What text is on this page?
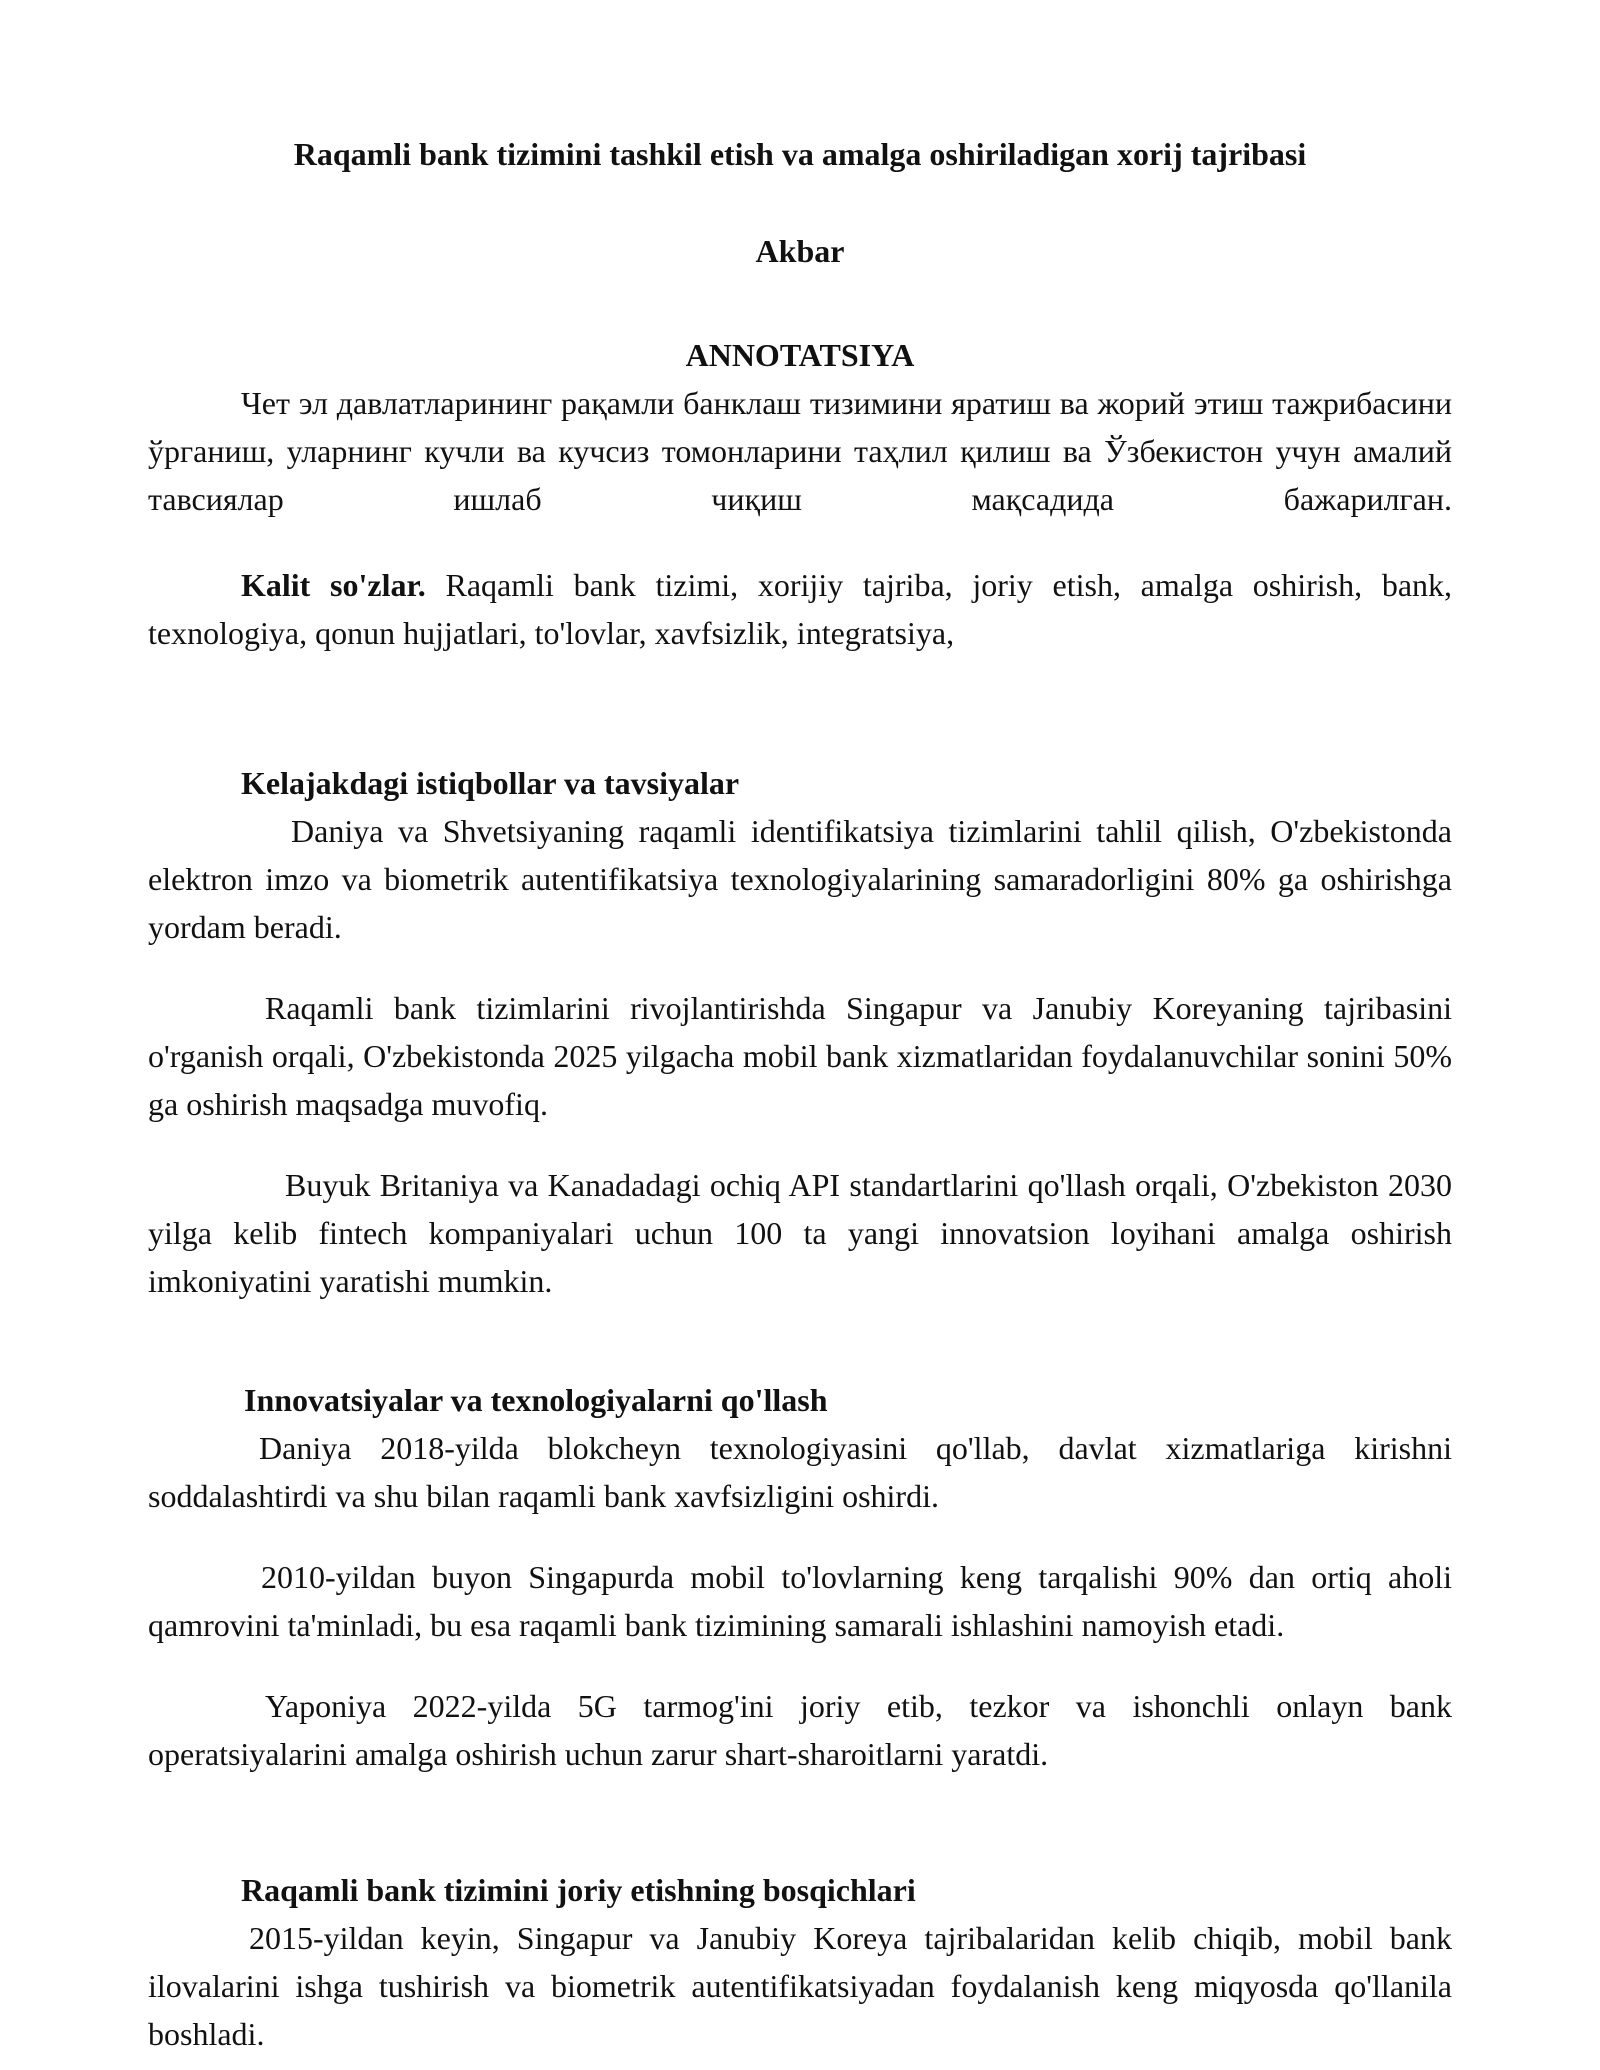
Raqamli bank tizimini tashkil etish va amalga oshiriladigan xorij tajribasi
Akbar
ANNOTATSIYA

Чет эл давлатларининг рақамли банклаш тизимини яратиш ва жорий этиш тажрибасини ўрганиш, уларнинг кучли ва кучсиз томонларини таҳлил қилиш ва Ўзбекистон учун амалий тавсиялар ишлаб чиқиш мақсадида бажарилган.

Kalit so'zlar. Raqamli bank tizimi, xorijiy tajriba, joriy etish, amalga oshirish, bank, texnologiya, qonun hujjatlari, to'lovlar, xavfsizlik, integratsiya,

Kelajakdagi istiqbollar va tavsiyalar

Daniya va Shvetsiyaning raqamli identifikatsiya tizimlarini tahlil qilish, O'zbekistonda elektron imzo va biometrik autentifikatsiya texnologiyalarining samaradorligini 80% ga oshirishga yordam beradi.

Raqamli bank tizimlarini rivojlantirishda Singapur va Janubiy Koreyaning tajribasini o'rganish orqali, O'zbekistonda 2025 yilgacha mobil bank xizmatlaridan foydalanuvchilar sonini 50% ga oshirish maqsadga muvofiq.

Buyuk Britaniya va Kanadadagi ochiq API standartlarini qo'llash orqali, O'zbekiston 2030 yilga kelib fintech kompaniyalari uchun 100 ta yangi innovatsion loyihani amalga oshirish imkoniyatini yaratishi mumkin.

Innovatsiyalar va texnologiyalarni qo'llash

Daniya 2018-yilda blokcheyn texnologiyasini qo'llab, davlat xizmatlariga kirishni soddalashtirdi va shu bilan raqamli bank xavfsizligini oshirdi.

2010-yildan buyon Singapurda mobil to'lovlarning keng tarqalishi 90% dan ortiq aholi qamrovini ta'minladi, bu esa raqamli bank tizimining samarali ishlashini namoyish etadi.

Yaponiya 2022-yilda 5G tarmog'ini joriy etib, tezkor va ishonchli onlayn bank operatsiyalarini amalga oshirish uchun zarur shart-sharoitlarni yaratdi.

Raqamli bank tizimini joriy etishning bosqichlari

2015-yildan keyin, Singapur va Janubiy Koreya tajribalaridan kelib chiqib, mobil bank ilovalarini ishga tushirish va biometrik autentifikatsiyadan foydalanish keng miqyosda qo'llanila boshladi.
